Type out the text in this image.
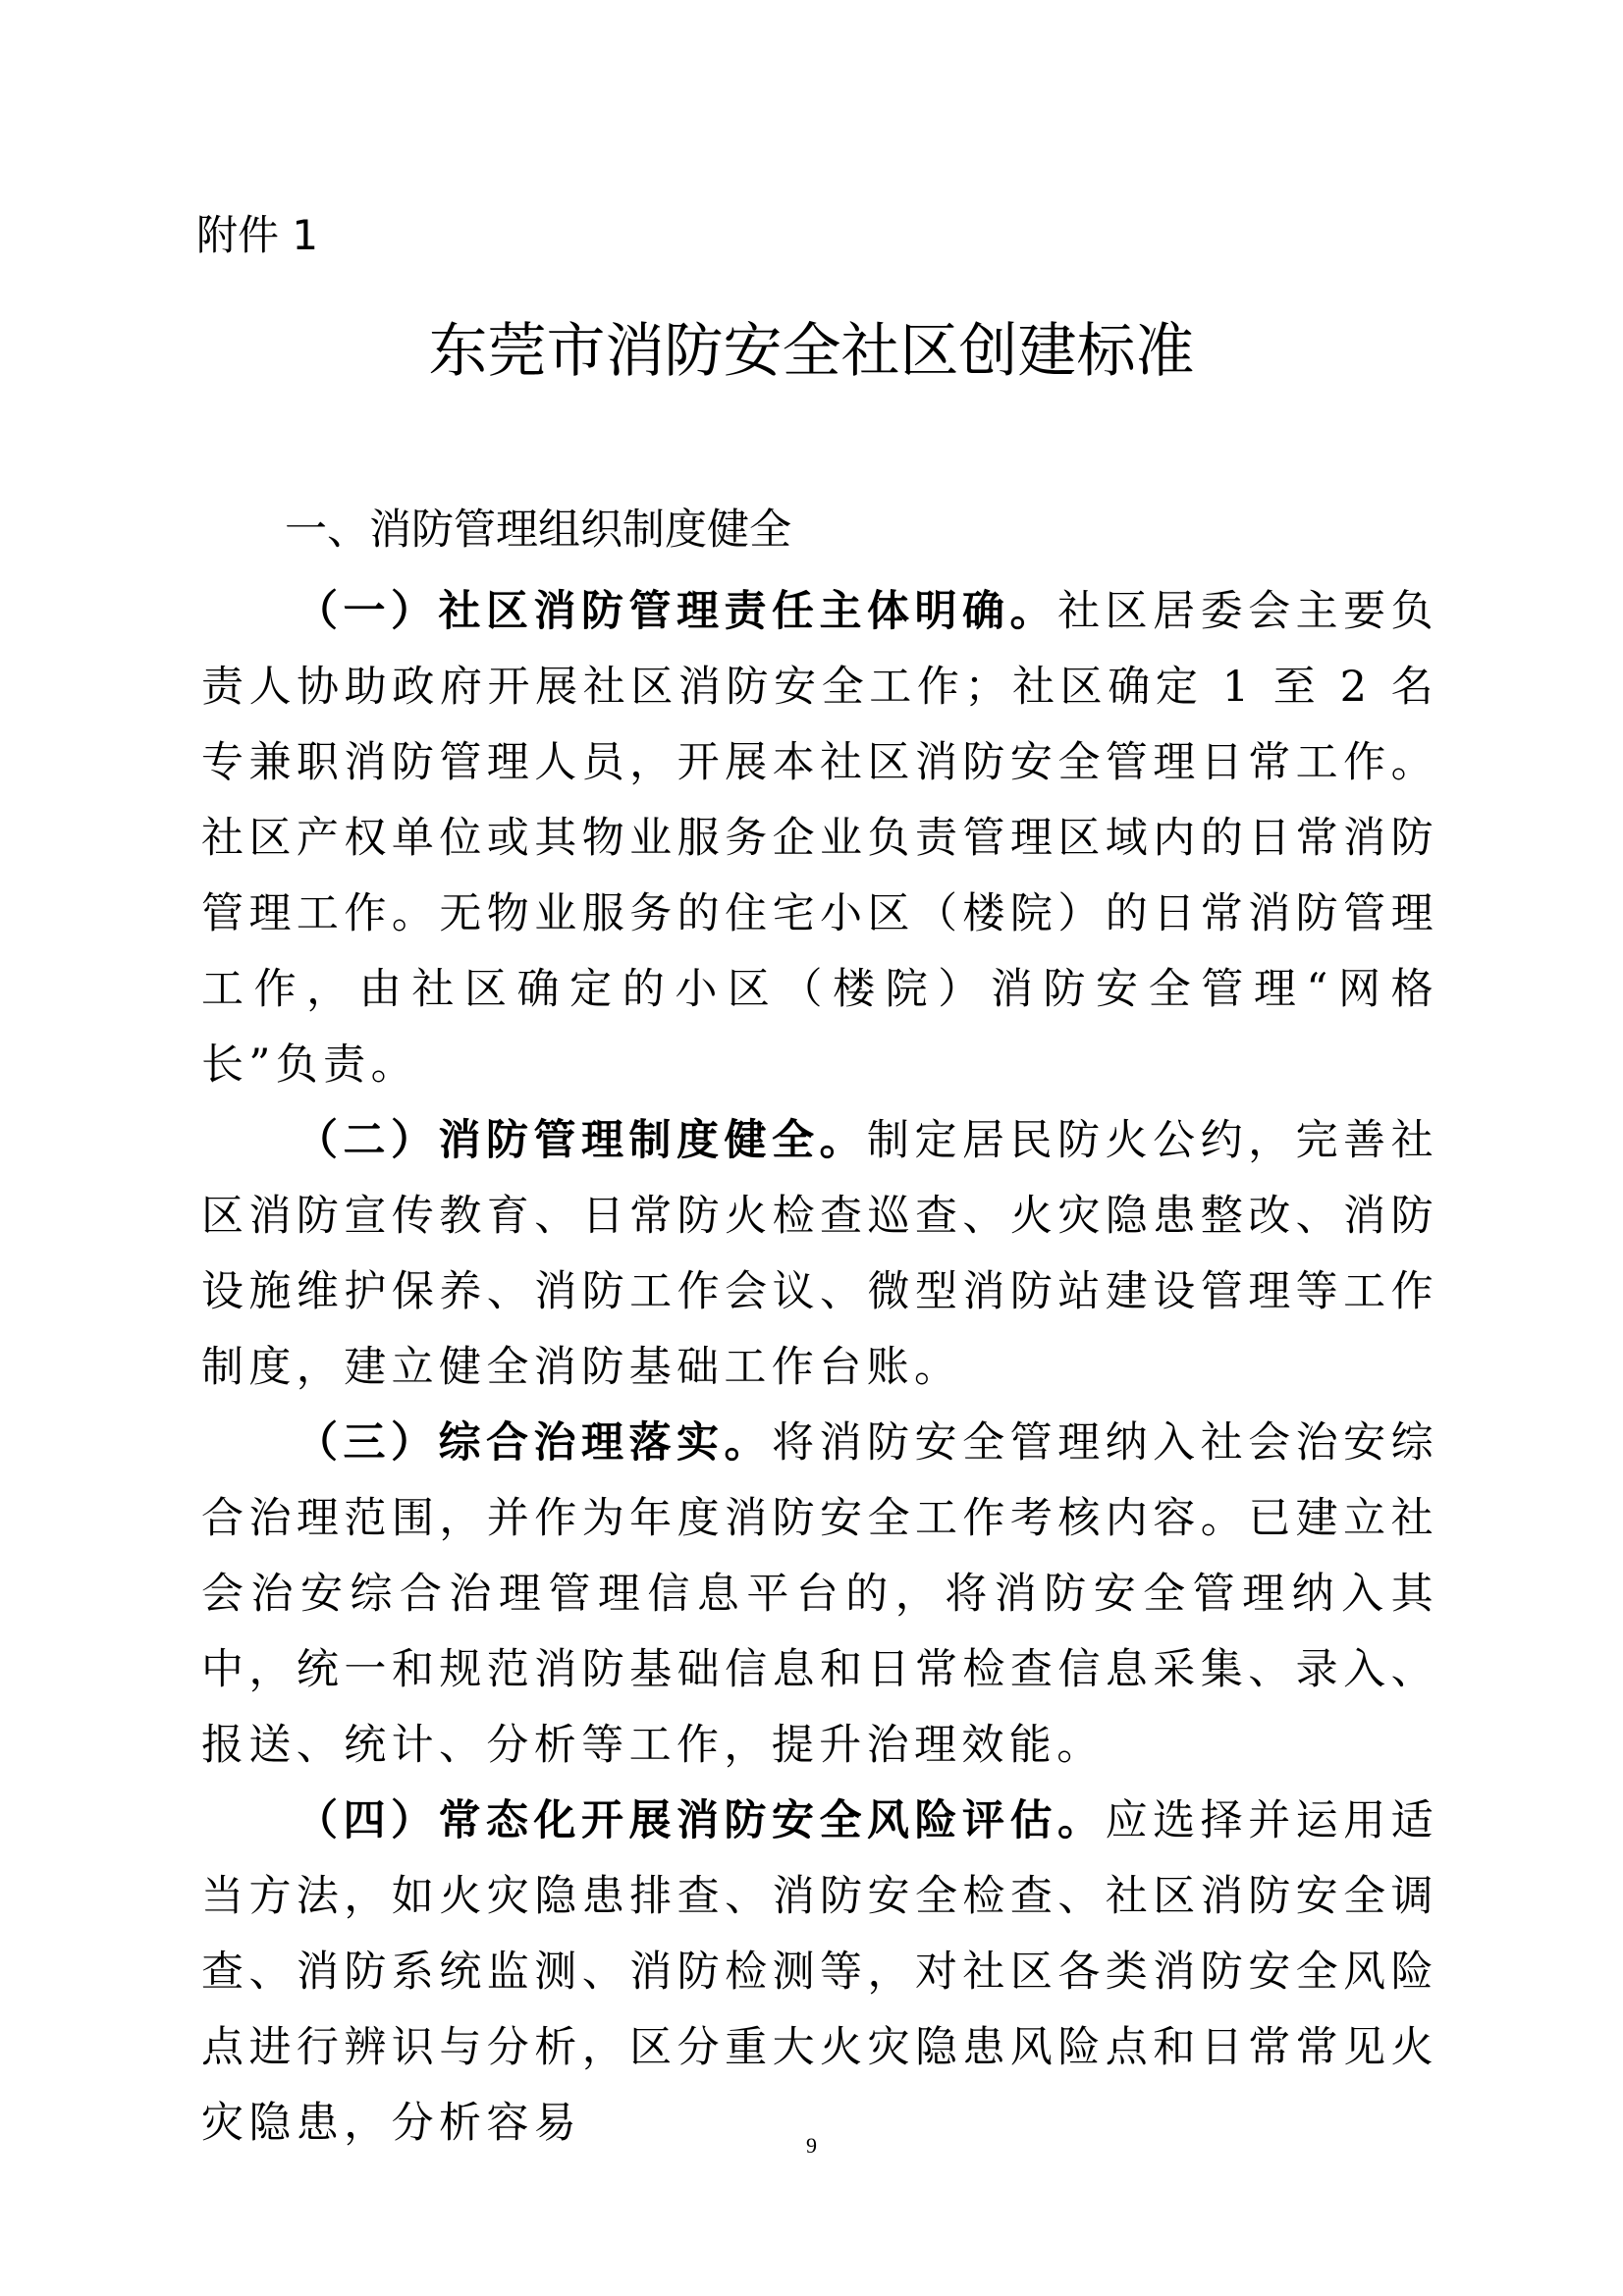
附件 1
东莞市消防安全社区创建标准
一、消防管理组织制度健全

（一）社区消防管理责任主体明确。社区居委会主要负责人协助政府开展社区消防安全工作；社区确定 1 至 2 名专兼职消防管理人员，开展本社区消防安全管理日常工作。社区产权单位或其物业服务企业负责管理区域内的日常消防管理工作。无物业服务的住宅小区（楼院）的日常消防管理工作，由社区确定的小区（楼院）消防安全管理“网格长”负责。

（二）消防管理制度健全。制定居民防火公约，完善社区消防宣传教育、日常防火检查巡查、火灾隐患整改、消防设施维护保养、消防工作会议、微型消防站建设管理等工作制度，建立健全消防基础工作台账。

（三）综合治理落实。将消防安全管理纳入社会治安综合治理范围，并作为年度消防安全工作考核内容。已建立社会治安综合治理管理信息平台的，将消防安全管理纳入其中，统一和规范消防基础信息和日常检查信息采集、录入、报送、统计、分析等工作，提升治理效能。

（四）常态化开展消防安全风险评估。应选择并运用适当方法，如火灾隐患排查、消防安全检查、社区消防安全调查、消防系统监测、消防检测等，对社区各类消防安全风险点进行辨识与分析，区分重大火灾隐患风险点和日常常见火灾隐患，分析容易	9
